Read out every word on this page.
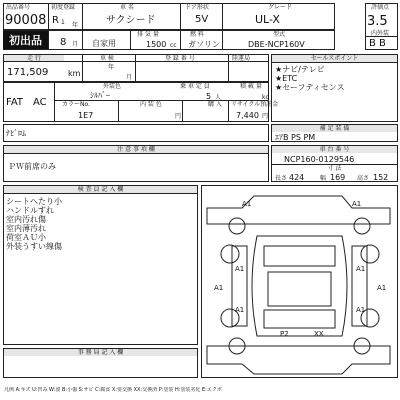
出品番号
90008
初度登録
R 1 年
車 名
サクシード
ドア形状
5V
グレード
UL-X
評価点
3.5
初出品	8 月 自家用
排 気 量
1500 cc
燃 料
ガソリン
型式
DBE-NCP160V
内外装
B B
走 行
171,509 km
車 検
年
月
登 録 番 号	陸運局
FAT AC
外装色
ｼﾙﾊﾞｰ
乗 車 定 員
5 人
積 載 量
kg
カラーNo.
1E7
内 装 色
円
購 入 リサイクル預託金
7,440 円
セールスポイント
★ナビ/テレビ
★ETC
★セーフティセンス
ﾅﾋﾞﾛﾑ
補 足 装 備
ｴｱB PS PM
注 意 事 項 欄
ＰＷ前席のみ
車 台 番 号
NCP160-0129546
寸 法
長さ 424	幅 169 高さ 152
検 査 員 記 入 欄
シートへたり小
ハンドルすれ
室内汚れ傷
室内薄汚れ
荷室ＡＵ小
外装うすい線傷
事 務 局 記 入 欄
A1	A1
A1	A1
A1	A1
A1	A1
P2	XX
凡例 A:キズ U:凹み W:波 B:小傷 S:サビ C:腐食 X:要交換 XX:交換済 P:塗装 H:塗装劣化 E:エクボ
